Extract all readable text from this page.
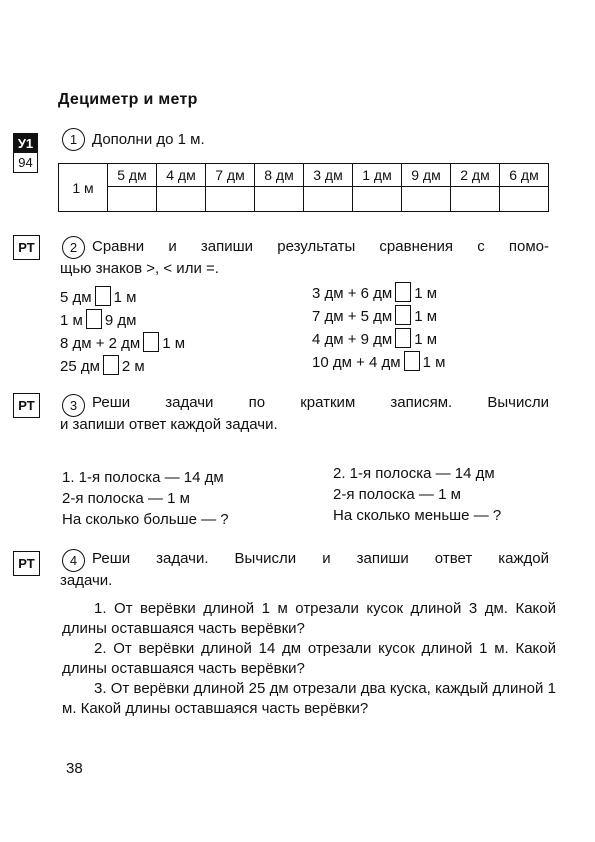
Дециметр и метр
У1
94
1 Дополни до 1 м.
1 м	5 дм	4 дм	7 дм	8 дм	3 дм	1 дм	9 дм	2 дм	6 дм

РТ	2 Сравни и запиши результаты сравнения с помо-
щью знаков >, < или =.
5 дм 1 м
1 м 9 дм
8 дм + 2 дм 1 м
25 дм 2 м
3 дм + 6 дм 1 м
7 дм + 5 дм 1 м
4 дм + 9 дм 1 м
10 дм + 4 дм 1 м
РТ	3 Реши задачи по кратким записям. Вычисли
и запиши ответ каждой задачи.
1. 1-я полоска — 14 дм
2-я полоска — 1 м
На сколько больше — ?
2. 1-я полоска — 14 дм
2-я полоска — 1 м
На сколько меньше — ?
РТ	4 Реши задачи. Вычисли и запиши ответ каждой
задачи.
1. От верёвки длиной 1 м отрезали кусок длиной 3 дм. Какой длины оставшаяся часть верёвки?
2. От верёвки длиной 14 дм отрезали кусок длиной 1 м. Какой длины оставшаяся часть верёвки?
3. От верёвки длиной 25 дм отрезали два куска, каждый длиной 1 м. Какой длины оставшаяся часть верёвки?
38
